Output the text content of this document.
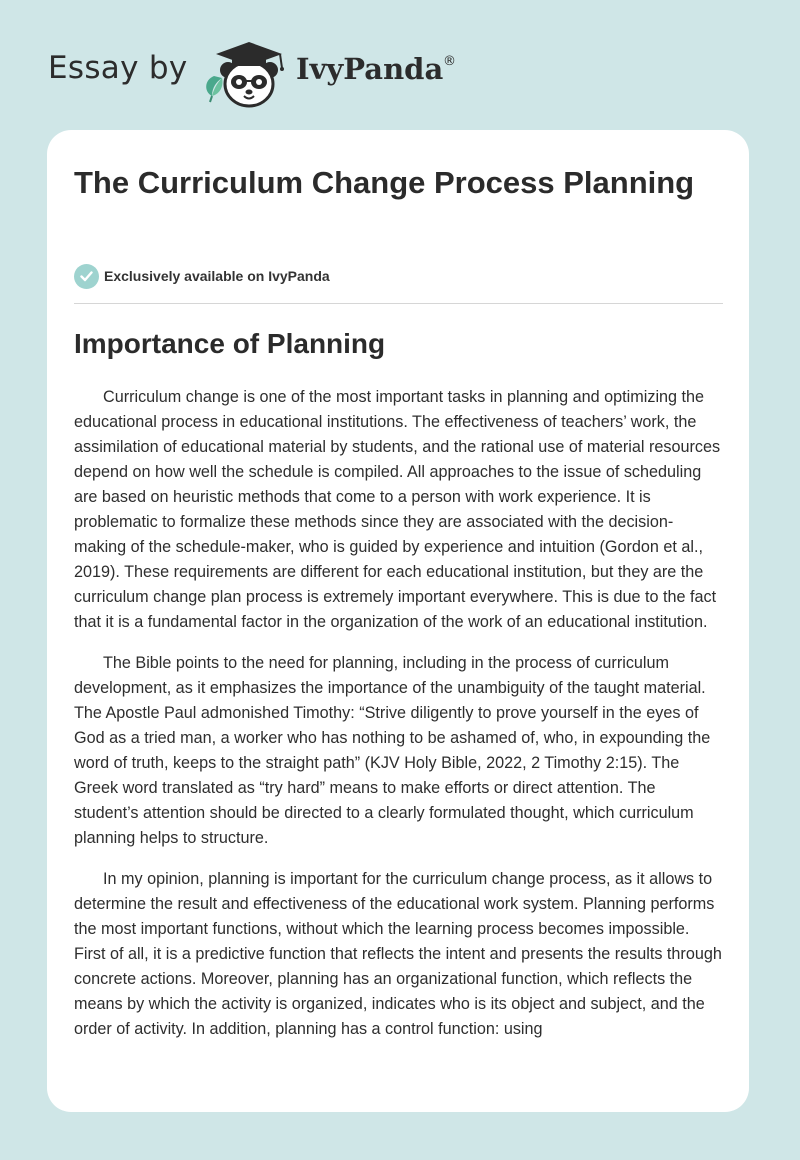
Essay by	IvyPanda ®
The Curriculum Change Process Planning
Exclusively available on IvyPanda
Importance of Planning

Curriculum change is one of the most important tasks in planning and optimizing the educational process in educational institutions. The effectiveness of teachers’ work, the assimilation of educational material by students, and the rational use of material resources depend on how well the schedule is compiled. All approaches to the issue of scheduling are based on heuristic methods that come to a person with work experience. It is problematic to formalize these methods since they are associated with the decision-making of the schedule-maker, who is guided by experience and intuition (Gordon et al., 2019). These requirements are different for each educational institution, but they are the curriculum change plan process is extremely important everywhere. This is due to the fact that it is a fundamental factor in the organization of the work of an educational institution.

The Bible points to the need for planning, including in the process of curriculum development, as it emphasizes the importance of the unambiguity of the taught material. The Apostle Paul admonished Timothy: “Strive diligently to prove yourself in the eyes of God as a tried man, a worker who has nothing to be ashamed of, who, in expounding the word of truth, keeps to the straight path” (KJV Holy Bible, 2022, 2 Timothy 2:15). The Greek word translated as “try hard” means to make efforts or direct attention. The student’s attention should be directed to a clearly formulated thought, which curriculum planning helps to structure.

In my opinion, planning is important for the curriculum change process, as it allows to determine the result and effectiveness of the educational work system. Planning performs the most important functions, without which the learning process becomes impossible. First of all, it is a predictive function that reflects the intent and presents the results through concrete actions. Moreover, planning has an organizational function, which reflects the means by which the activity is organized, indicates who is its object and subject, and the order of activity. In addition, planning has a control function: using
